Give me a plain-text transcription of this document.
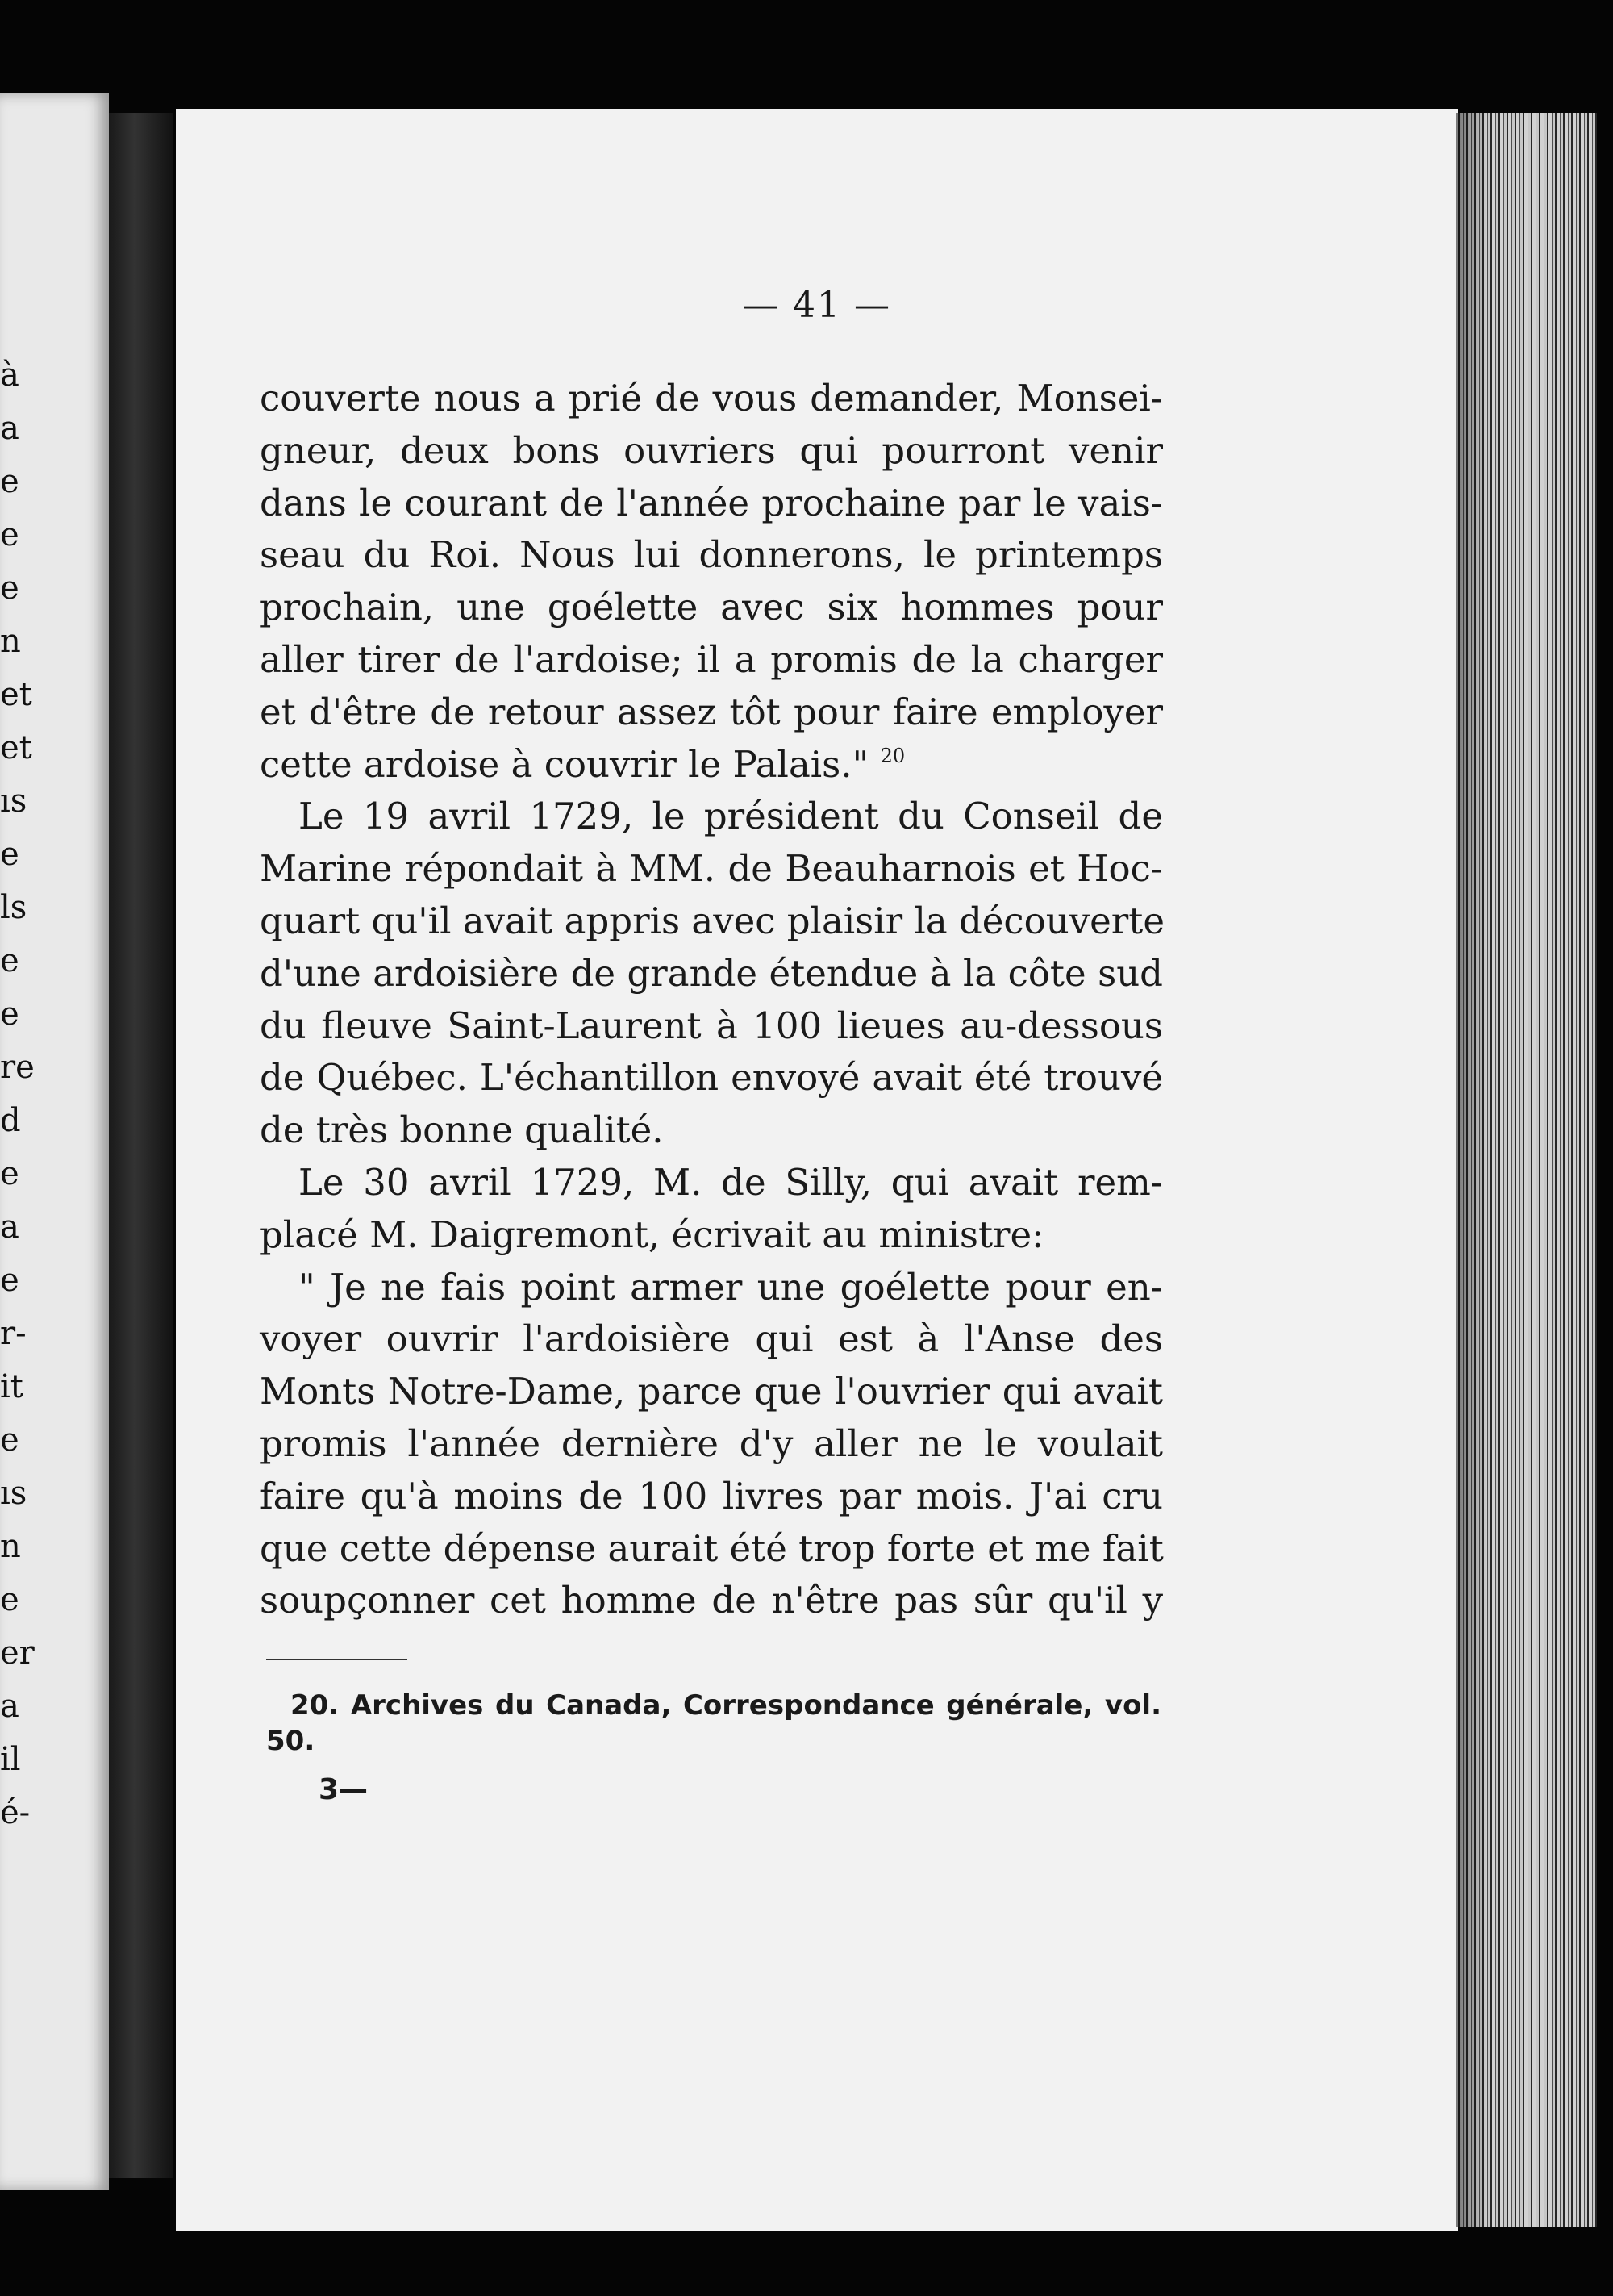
à
a
e
e
e
n
et
et
ıs
e
ls
e
e
re
d
e
a
e
r-
it
e
ıs
n
e
er
a
il
é-
— 41 —
couverte nous a prié de vous demander, Monsei-
gneur, deux bons ouvriers qui pourront venir
dans le courant de l'année prochaine par le vais-
seau du Roi. Nous lui donnerons, le printemps
prochain, une goélette avec six hommes pour
aller tirer de l'ardoise; il a promis de la charger
et d'être de retour assez tôt pour faire employer
cette ardoise à couvrir le Palais." $^{20}$
Le 19 avril 1729, le président du Conseil de
Marine répondait à MM. de Beauharnois et Hoc-
quart qu'il avait appris avec plaisir la découverte
d'une ardoisière de grande étendue à la côte sud
du fleuve Saint-Laurent à 100 lieues au-dessous
de Québec. L'échantillon envoyé avait été trouvé
de très bonne qualité.
Le 30 avril 1729, M. de Silly, qui avait rem-
placé M. Daigremont, écrivait au ministre:
" Je ne fais point armer une goélette pour en-
voyer ouvrir l'ardoisière qui est à l'Anse des
Monts Notre-Dame, parce que l'ouvrier qui avait
promis l'année dernière d'y aller ne le voulait
faire qu'à moins de 100 livres par mois. J'ai cru
que cette dépense aurait été trop forte et me fait
soupçonner cet homme de n'être pas sûr qu'il y
20. Archives du Canada, Correspondance générale, vol.
50.
3—
